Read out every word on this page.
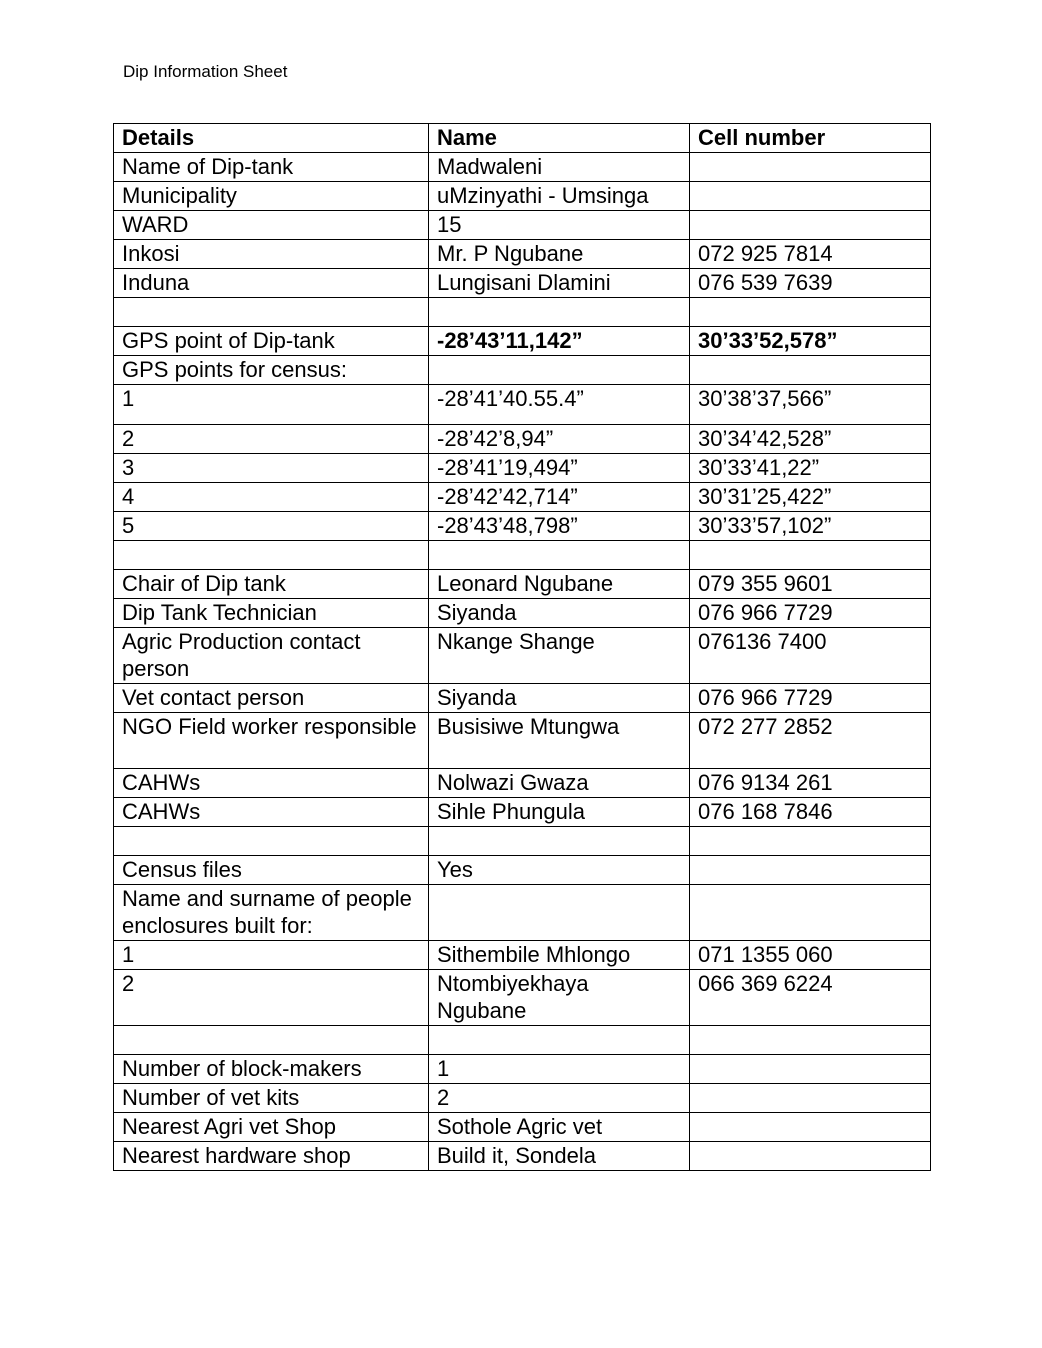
Dip Information Sheet
Details	Name	Cell number
Name of Dip-tank	Madwaleni	
Municipality	uMzinyathi - Umsinga	
WARD	15	
Inkosi	Mr. P Ngubane	072 925 7814
Induna	Lungisani Dlamini	076 539 7639

GPS point of Dip-tank	-28’43’11,142”	30’33’52,578”
GPS points for census:		
1	-28’41’40.55.4”	30’38’37,566”
2	-28’42’8,94”	30’34’42,528”
3	-28’41’19,494”	30’33’41,22”
4	-28’42’42,714”	30’31’25,422”
5	-28’43’48,798”	30’33’57,102”

Chair of Dip tank	Leonard Ngubane	079 355 9601
Dip Tank Technician	Siyanda	076 966 7729
Agric Production contact person	Nkange Shange	076136 7400
Vet contact person	Siyanda	076 966 7729
NGO Field worker responsible	Busisiwe Mtungwa	072 277 2852
CAHWs	Nolwazi Gwaza	076 9134 261
CAHWs	Sihle Phungula	076 168 7846

Census files	Yes	
Name and surname of people enclosures built for:		
1	Sithembile Mhlongo	071 1355 060
2	Ntombiyekhaya Ngubane	066 369 6224

Number of block-makers	1	
Number of vet kits	2	
Nearest Agri vet Shop	Sothole Agric vet	
Nearest hardware shop	Build it, Sondela	
